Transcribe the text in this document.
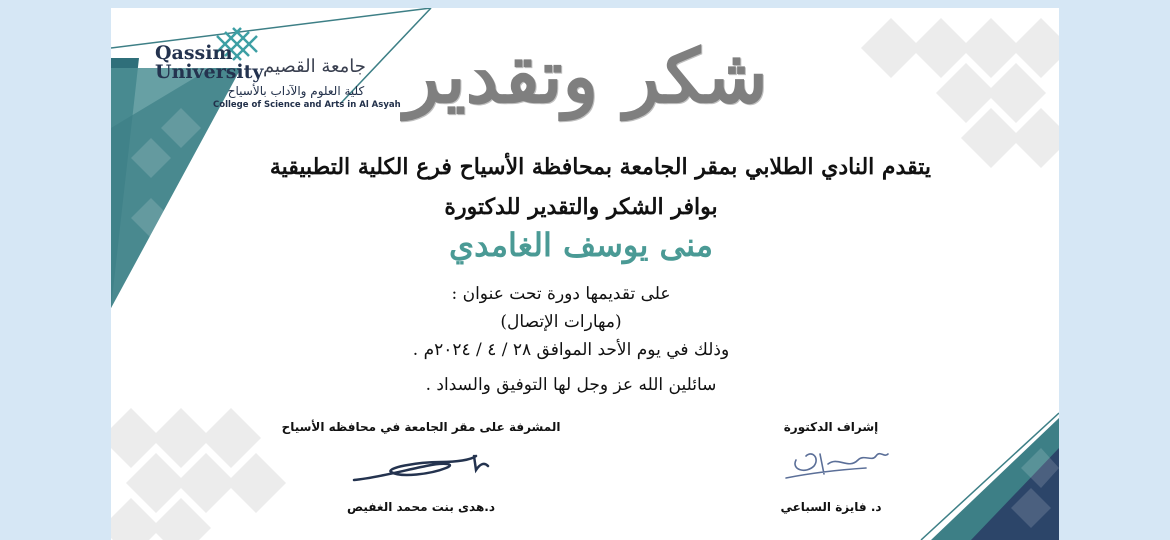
Qassim
University جامعة القصيم
كلية العلوم والآداب بالأسياح
College of Science and Arts in Al Asyah شكر وتقدير
يتقدم النادي الطلابي بمقر الجامعة بمحافظة الأسياح فرع الكلية التطبيقية
بوافر الشكر والتقدير للدكتورة
منى يوسف الغامدي
على تقديمها دورة تحت عنوان :
(مهارات الإتصال)
وذلك في يوم الأحد الموافق ٢٨ / ٤ / ٢٠٢٤م .
سائلين الله عز وجل لها التوفيق والسداد .
المشرفة على مقر الجامعة في محافظه الأسياح	إشراف الدكتورة
د.هدى بنت محمد الغفيص	د. فايزة السباعي
